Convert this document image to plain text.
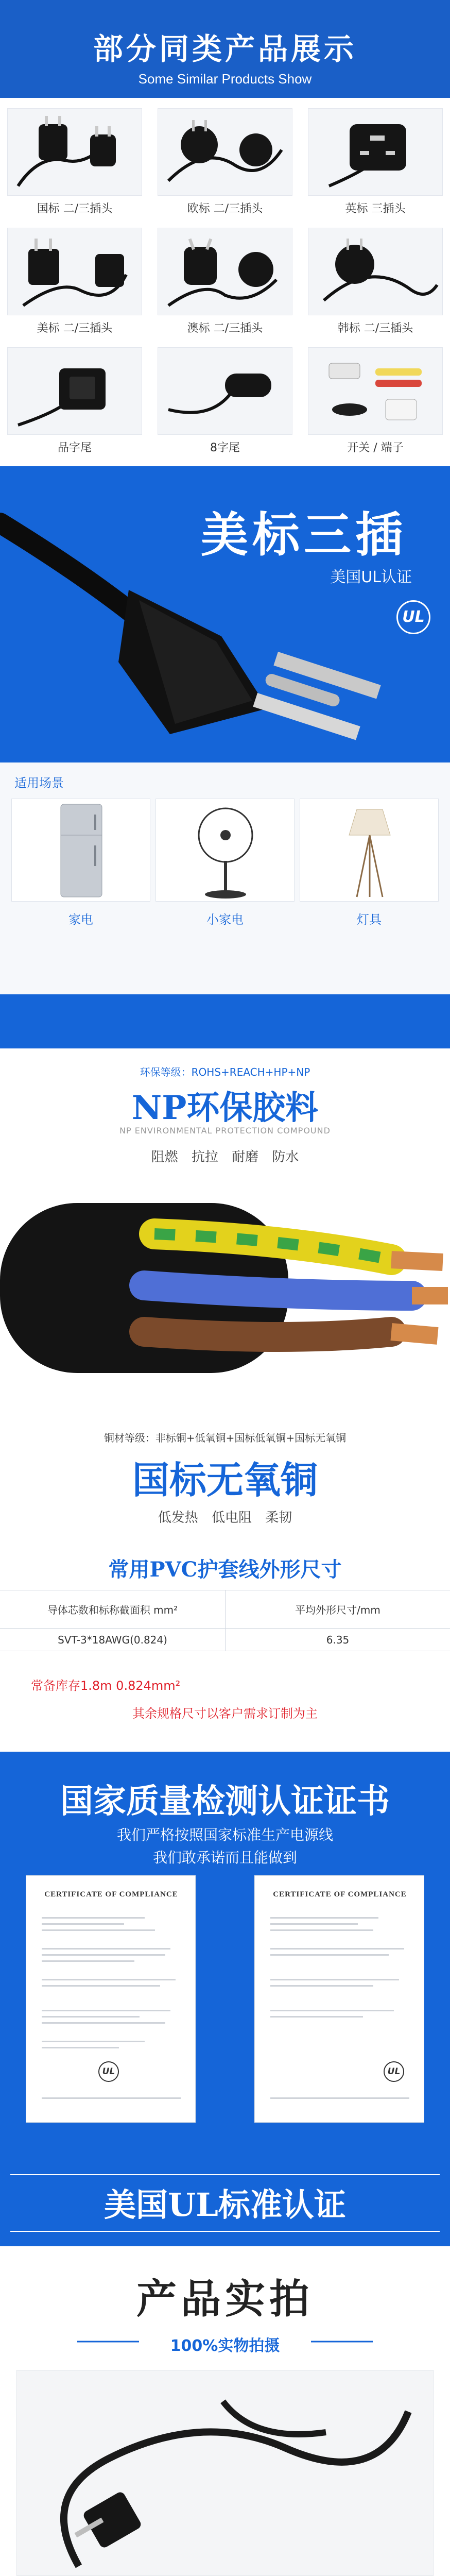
部分同类产品展示
Some Similar Products Show
国标 二/三插头	欧标 二/三插头	英标 三插头
美标 二/三插头	澳标 二/三插头	韩标 二/三插头
品字尾	8字尾	开关 / 端子
美标三插
美国UL认证
UL
适用场景
家电	小家电	灯具
环保等级：ROHS+REACH+HP+NP
NP环保胶料
NP ENVIRONMENTAL PROTECTION COMPOUND
阻燃 抗拉 耐磨 防水
铜材等级：非标铜+低氧铜+国标低氧铜+国标无氧铜
国标无氧铜
低发热 低电阻 柔韧
常用PVC护套线外形尺寸
导体芯数和标称截面积 mm²	平均外形尺寸/mm
SVT-3*18AWG(0.824)	6.35
常备库存1.8m 0.824mm²
其余规格尺寸以客户需求订制为主
国家质量检测认证证书
我们严格按照国家标准生产电源线
我们敢承诺而且能做到
CERTIFICATE OF COMPLIANCE
UL
CERTIFICATE OF COMPLIANCE
UL
美国UL标准认证
产品实拍
100%实物拍摄
